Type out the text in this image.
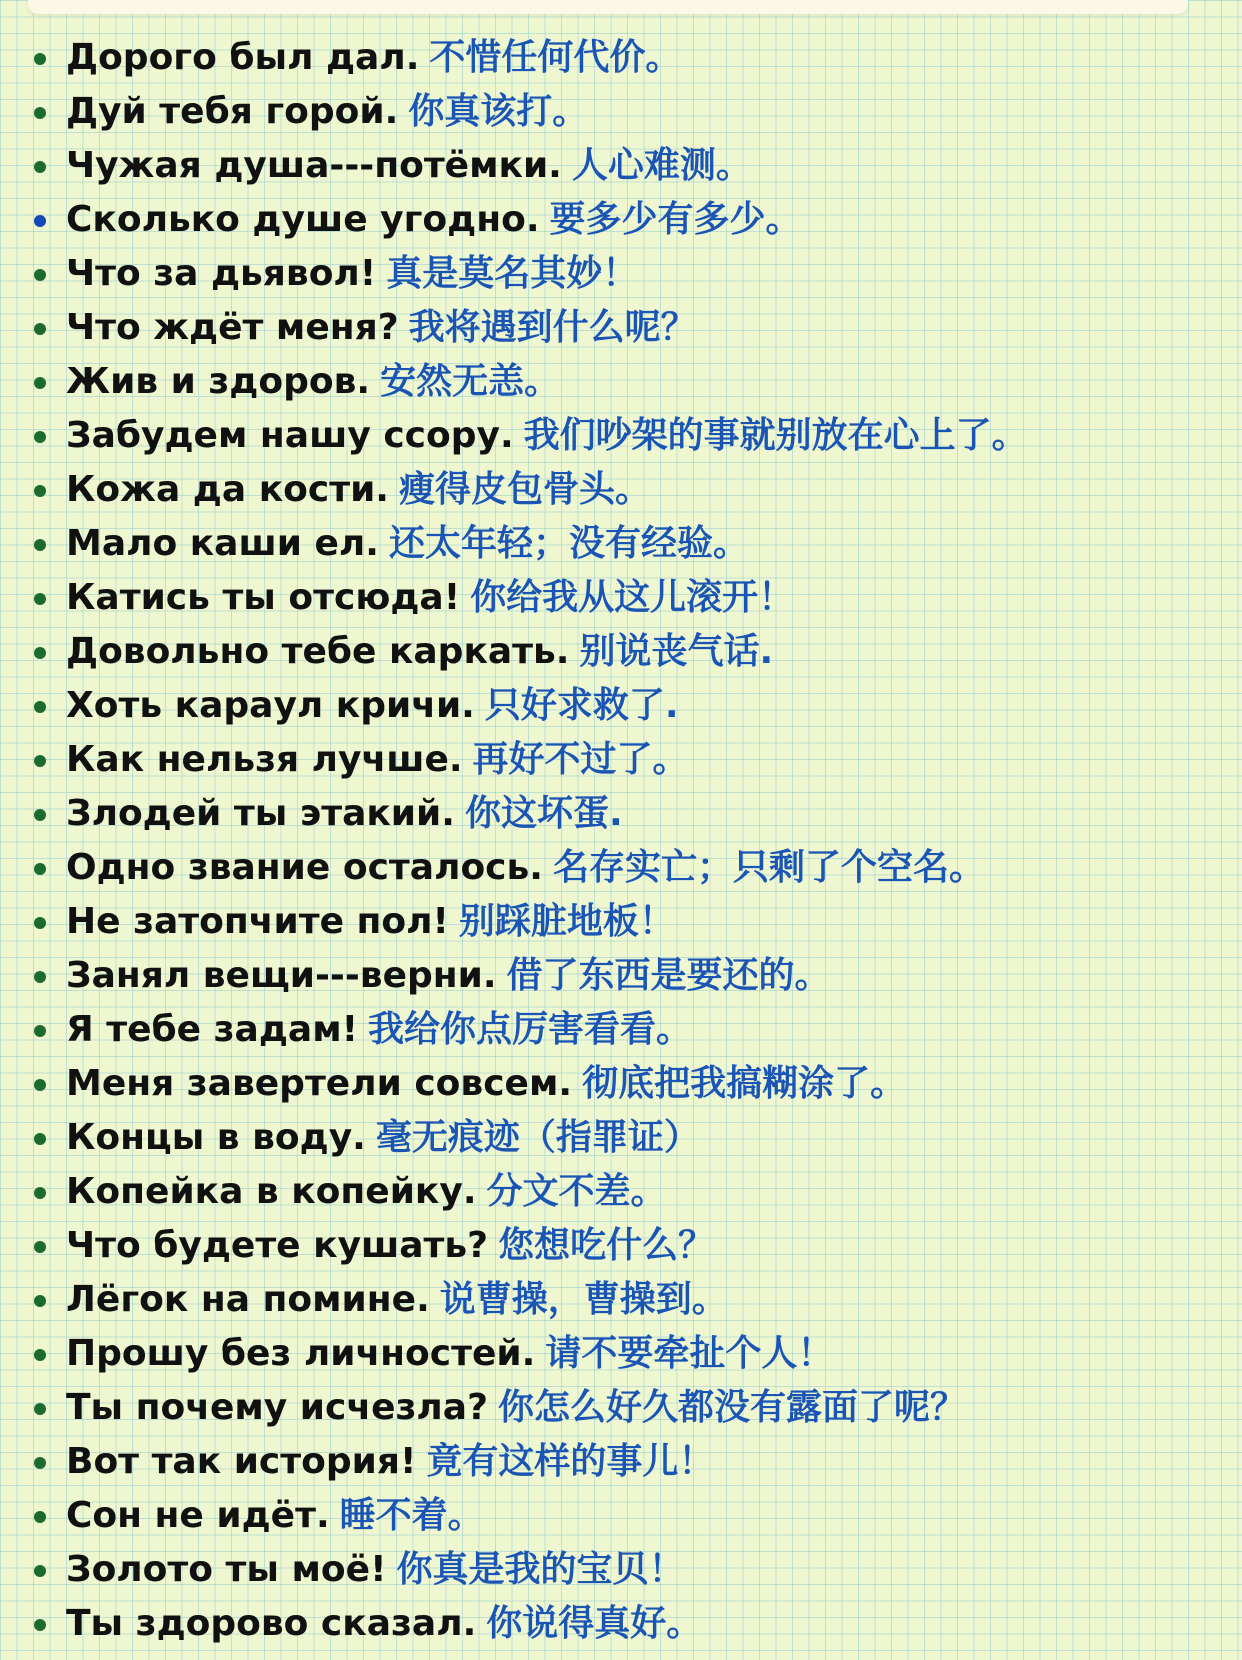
Дорого был дал. 不惜任何代价。
Дуй тебя горой. 你真该打。
Чужая душа---потёмки. 人心难测。
Сколько душе угодно. 要多少有多少。
Что за дьявол! 真是莫名其妙！
Что ждёт меня? 我将遇到什么呢？
Жив и здоров. 安然无恙。
Забудем нашу ссору. 我们吵架的事就别放在心上了。
Кожа да кости. 瘦得皮包骨头。
Мало каши ел. 还太年轻；没有经验。
Катись ты отсюда! 你给我从这儿滚开！
Довольно тебе каркать. 别说丧气话.
Хоть караул кричи. 只好求救了.
Как нельзя лучше. 再好不过了。
Злодей ты этакий. 你这坏蛋.
Одно звание осталось. 名存实亡；只剩了个空名。
Не затопчите пол! 别踩脏地板！
Занял вещи---верни. 借了东西是要还的。
Я тебе задам! 我给你点厉害看看。
Меня завертели совсем. 彻底把我搞糊涂了。
Концы в воду. 毫无痕迹（指罪证）
Копейка в копейку. 分文不差。
Что будете кушать? 您想吃什么？
Лёгок на помине. 说曹操，曹操到。
Прошу без личностей. 请不要牵扯个人！
Ты почему исчезла? 你怎么好久都没有露面了呢？
Вот так история! 竟有这样的事儿！
Сон не идёт. 睡不着。
Золото ты моё! 你真是我的宝贝！
Ты здорово сказал. 你说得真好。
